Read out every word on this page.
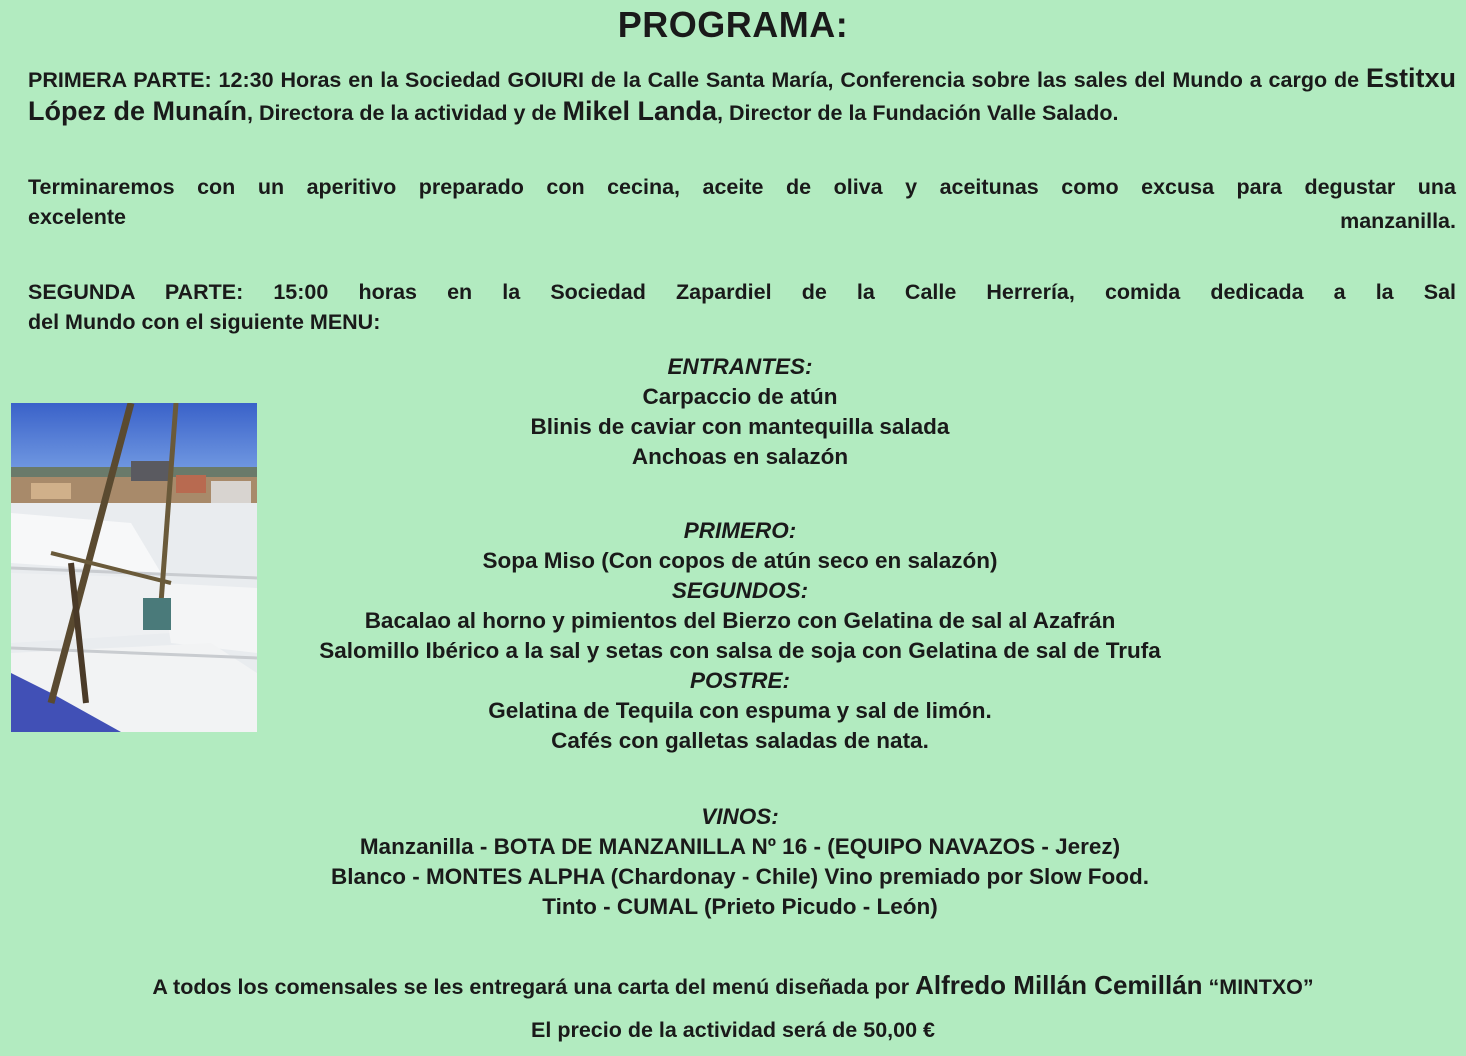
PROGRAMA:
PRIMERA PARTE: 12:30 Horas en la Sociedad GOIURI de la Calle Santa María, Conferencia sobre las sales del Mundo a cargo de Estitxu López de Munaín, Directora de la actividad y de Mikel Landa, Director de la Fundación Valle Salado.
Terminaremos con un aperitivo preparado con cecina, aceite de oliva y aceitunas como excusa para degustar una
excelente	manzanilla.
SEGUNDA PARTE: 15:00 horas en la Sociedad Zapardiel de la Calle Herrería, comida dedicada a la Sal
del Mundo con el siguiente MENU:
ENTRANTES:
Carpaccio de atún
Blinis de caviar con mantequilla salada
Anchoas en salazón
PRIMERO:
Sopa Miso (Con copos de atún seco en salazón)
SEGUNDOS:
Bacalao al horno y pimientos del Bierzo con Gelatina de sal al Azafrán
Salomillo Ibérico a la sal y setas con salsa de soja con Gelatina de sal de Trufa
POSTRE:
Gelatina de Tequila con espuma y sal de limón.
Cafés con galletas saladas de nata.
VINOS:
Manzanilla - BOTA DE MANZANILLA Nº 16 - (EQUIPO NAVAZOS - Jerez)
Blanco - MONTES ALPHA (Chardonay - Chile) Vino premiado por Slow Food.
Tinto - CUMAL (Prieto Picudo - León)
A todos los comensales se les entregará una carta del menú diseñada por Alfredo Millán Cemillán “MINTXO”
El precio de la actividad será de 50,00 €
